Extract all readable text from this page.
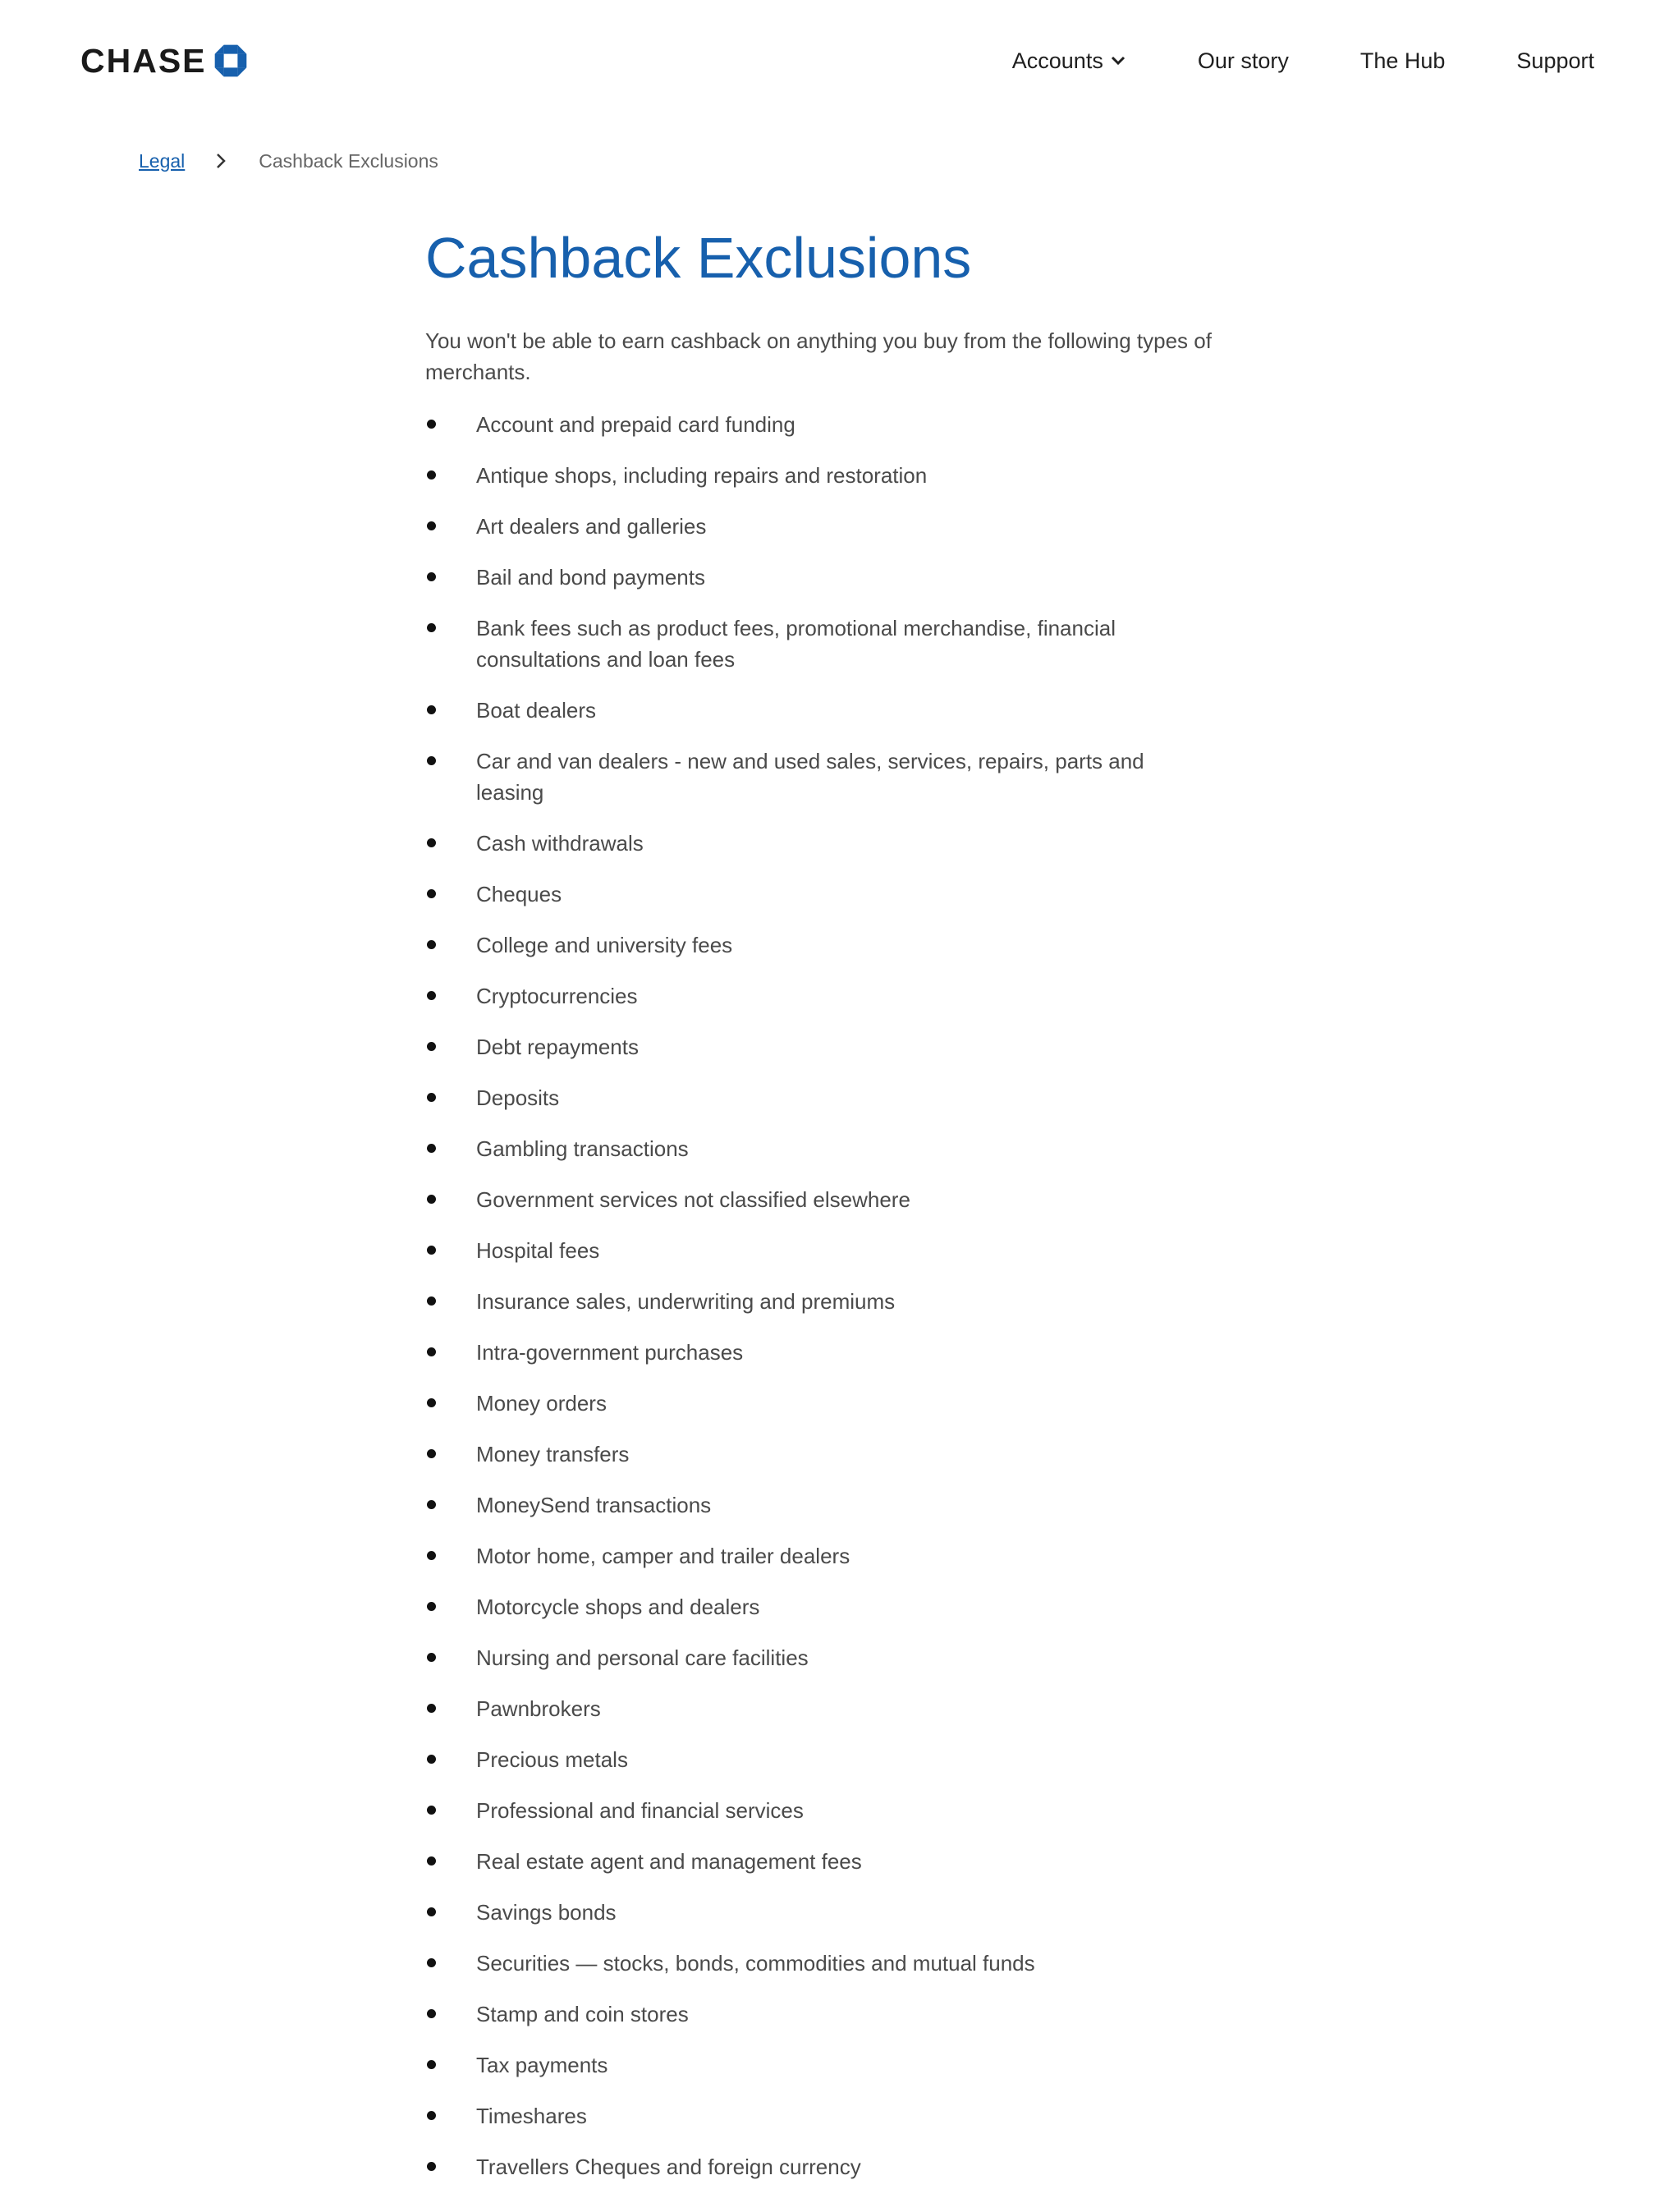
CHASE	Accounts	Our story	The Hub	Support
Legal	Cashback Exclusions
Cashback Exclusions

You won't be able to earn cashback on anything you buy from the following types of merchants.

Account and prepaid card funding
Antique shops, including repairs and restoration
Art dealers and galleries
Bail and bond payments
Bank fees such as product fees, promotional merchandise, financial consultations and loan fees
Boat dealers
Car and van dealers - new and used sales, services, repairs, parts and leasing
Cash withdrawals
Cheques
College and university fees
Cryptocurrencies
Debt repayments
Deposits
Gambling transactions
Government services not classified elsewhere
Hospital fees
Insurance sales, underwriting and premiums
Intra-government purchases
Money orders
Money transfers
MoneySend transactions
Motor home, camper and trailer dealers
Motorcycle shops and dealers
Nursing and personal care facilities
Pawnbrokers
Precious metals
Professional and financial services
Real estate agent and management fees
Savings bonds
Securities — stocks, bonds, commodities and mutual funds
Stamp and coin stores
Tax payments
Timeshares
Travellers Cheques and foreign currency
